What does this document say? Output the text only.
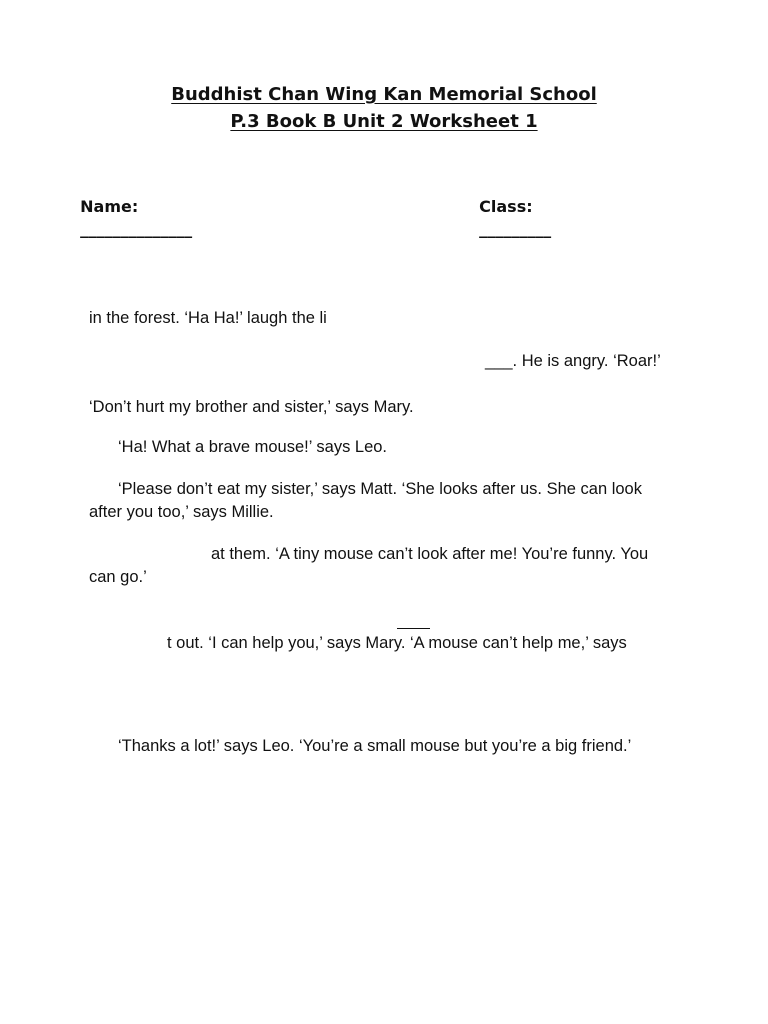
Buddhist Chan Wing Kan Memorial School
P.3 Book B Unit 2 Worksheet 1

Name:
______________

Class:
_________

in the forest. ‘Ha Ha!’ laugh the li

___. He is angry. ‘Roar!’

‘Don’t hurt my brother and sister,’ says Mary.

‘Ha! What a brave mouse!’ says Leo.

‘Please don’t eat my sister,’ says Matt. ‘She looks after us. She can look

after you too,’ says Millie.

at them. ‘A tiny mouse can’t look after me! You’re funny. You

can go.’

t out. ‘I can help you,’ says Mary. ‘A mouse can’t help me,’ says

‘Thanks a lot!’ says Leo. ‘You’re a small mouse but you’re a big friend.’
